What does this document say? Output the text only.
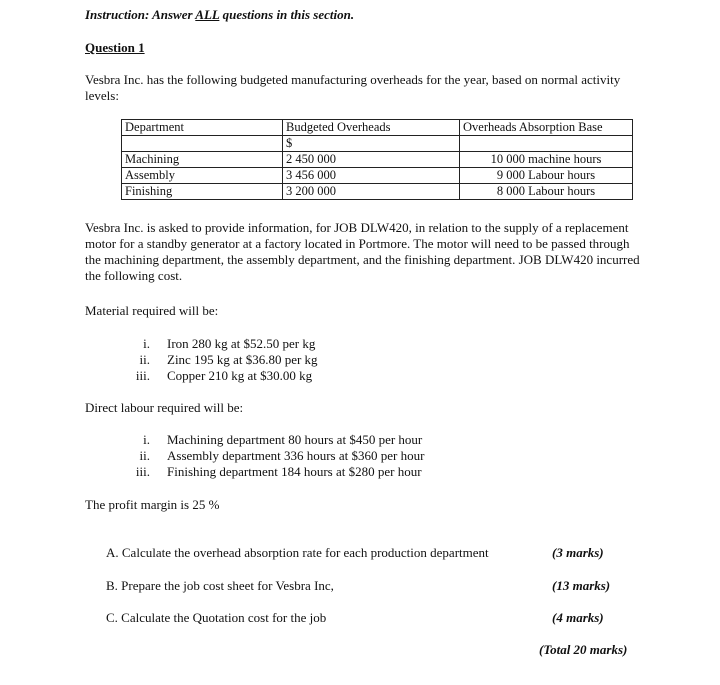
Instruction: Answer ALL questions in this section.
Question 1
Vesbra Inc. has the following budgeted manufacturing overheads for the year, based on normal activity levels:
Department	Budgeted Overheads	Overheads Absorption Base
	$	
Machining	2 450 000	10 000 machine hours
Assembly	3 456 000	9 000 Labour hours
Finishing	3 200 000	8 000 Labour hours
Vesbra Inc. is asked to provide information, for JOB DLW420, in relation to the supply of a replacement motor for a standby generator at a factory located in Portmore. The motor will need to be passed through the machining department, the assembly department, and the finishing department. JOB DLW420 incurred the following cost.
Material required will be:
i.	Iron 280 kg at $52.50 per kg
ii.	Zinc 195 kg at $36.80 per kg
iii.	Copper 210 kg at $30.00 kg
Direct labour required will be:
i.	Machining department 80 hours at $450 per hour
ii.	Assembly department 336 hours at $360 per hour
iii.	Finishing department 184 hours at $280 per hour
The profit margin is 25 %
A. Calculate the overhead absorption rate for each production department	(3 marks)
B. Prepare the job cost sheet for Vesbra Inc,	(13 marks)
C. Calculate the Quotation cost for the job	(4 marks)
(Total 20 marks)
